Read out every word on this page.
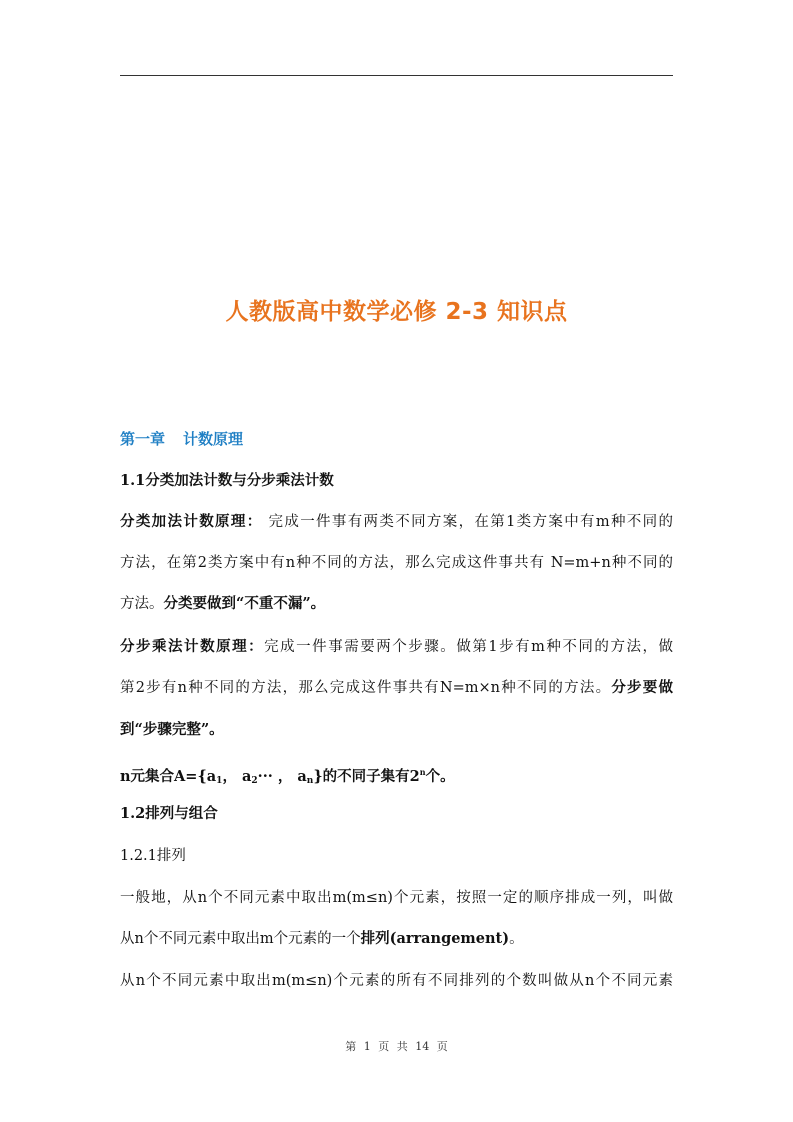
人教版高中数学必修 2-3 知识点
第一章 计数原理
1.1分类加法计数与分步乘法计数
分类加法计数原理： 完成一件事有两类不同方案，在第1类方案中有m种不同的
方法，在第2类方案中有n种不同的方法，那么完成这件事共有 N=m+n种不同的
方法。分类要做到“不重不漏”。
分步乘法计数原理：完成一件事需要两个步骤。做第1步有m种不同的方法，做
第2步有n种不同的方法，那么完成这件事共有N=m×n种不同的方法。分步要做
到“步骤完整”。
n元集合$A=\{a_1$， $a_2\cdot\cdot\cdot$ ， $a_n$}的不同子集有2$^n$个。
1.2排列与组合
1.2.1排列
一般地，从n个不同元素中取出m(m≤n)个元素，按照一定的顺序排成一列，叫做
从n个不同元素中取出m个元素的一个排列(arrangement)。
从n个不同元素中取出m(m≤n)个元素的所有不同排列的个数叫做从n个不同元素
第 1 页 共 14 页
